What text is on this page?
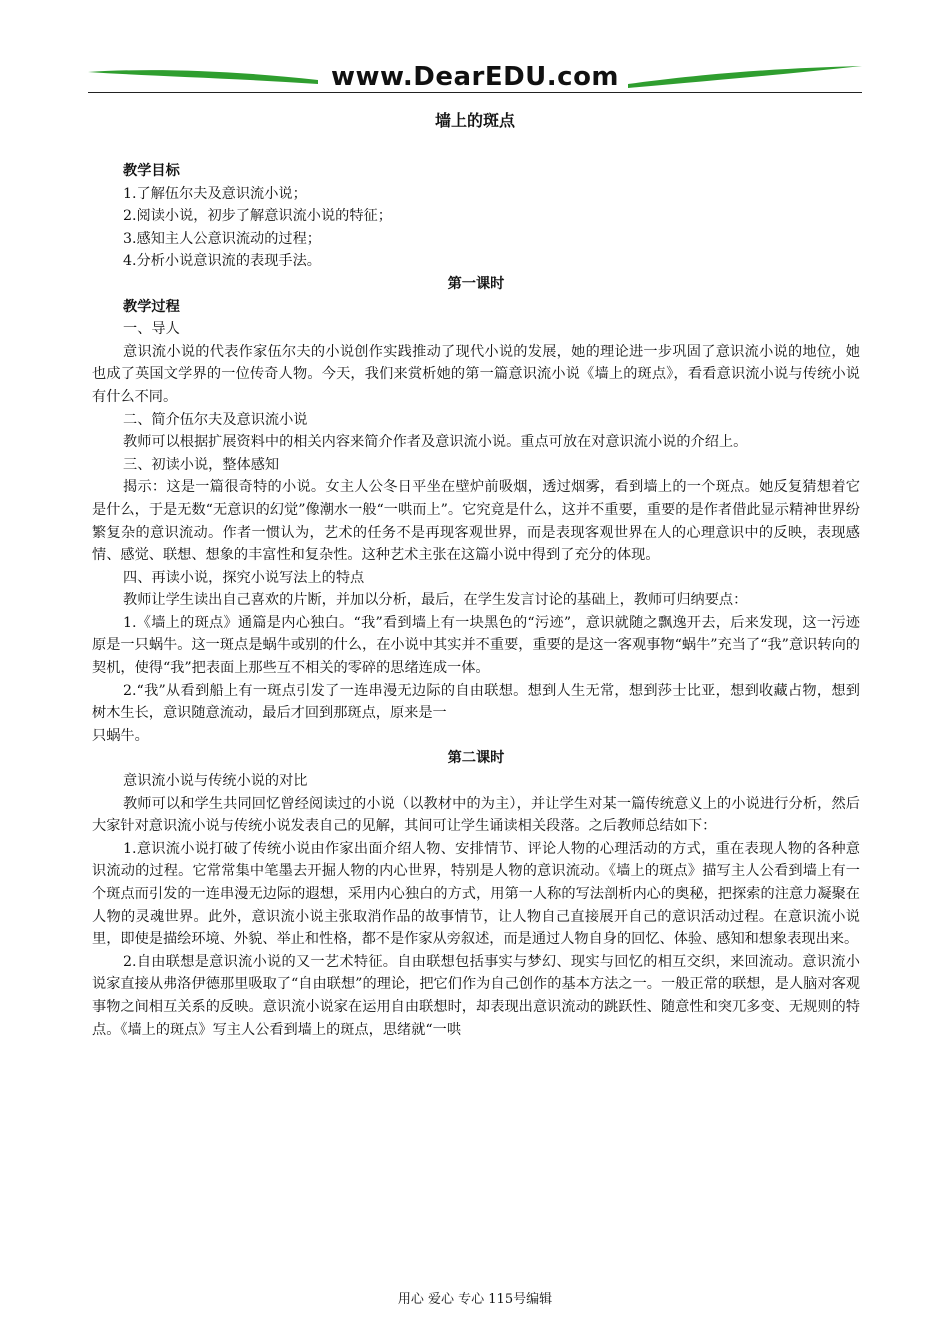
www.DearEDU.com
墙上的斑点

教学目标

1.了解伍尔夫及意识流小说；

2.阅读小说，初步了解意识流小说的特征；

3.感知主人公意识流动的过程；

4.分析小说意识流的表现手法。

第一课时

教学过程

一、导人

意识流小说的代表作家伍尔夫的小说创作实践推动了现代小说的发展，她的理论进一步巩固了意识流小说的地位，她也成了英国文学界的一位传奇人物。今天，我们来赏析她的第一篇意识流小说《墙上的斑点》，看看意识流小说与传统小说有什么不同。

二、简介伍尔夫及意识流小说

教师可以根据扩展资料中的相关内容来简介作者及意识流小说。重点可放在对意识流小说的介绍上。

三、初读小说，整体感知

揭示：这是一篇很奇特的小说。女主人公冬日平坐在壁炉前吸烟，透过烟雾，看到墙上的一个斑点。她反复猜想着它是什么，于是无数“无意识的幻觉”像潮水一般“一哄而上”。它究竟是什么，这并不重要，重要的是作者借此显示精神世界纷繁复杂的意识流动。作者一惯认为，艺术的任务不是再现客观世界，而是表现客观世界在人的心理意识中的反映，表现感情、感觉、联想、想象的丰富性和复杂性。这种艺术主张在这篇小说中得到了充分的体现。

四、再读小说，探究小说写法上的特点

教师让学生读出自己喜欢的片断，并加以分析，最后，在学生发言讨论的基础上，教师可归纳要点：

1.《墙上的斑点》通篇是内心独白。“我”看到墙上有一块黑色的“污迹”，意识就随之飘逸开去，后来发现，这一污迹原是一只蜗牛。这一斑点是蜗牛或别的什么，在小说中其实并不重要，重要的是这一客观事物“蜗牛”充当了“我”意识转向的契机，使得“我”把表面上那些互不相关的零碎的思绪连成一体。

2.“我”从看到船上有一斑点引发了一连串漫无边际的自由联想。想到人生无常，想到莎士比亚，想到收藏占物，想到树木生长，意识随意流动，最后才回到那斑点，原来是一

只蜗牛。

第二课时

意识流小说与传统小说的对比

教师可以和学生共同回忆曾经阅读过的小说（以教材中的为主），并让学生对某一篇传统意义上的小说进行分析，然后大家针对意识流小说与传统小说发表自己的见解，其间可让学生诵读相关段落。之后教师总结如下：

1.意识流小说打破了传统小说由作家出面介绍人物、安排情节、评论人物的心理活动的方式，重在表现人物的各种意识流动的过程。它常常集中笔墨去开掘人物的内心世界，特别是人物的意识流动。《墙上的斑点》描写主人公看到墙上有一个斑点而引发的一连串漫无边际的遐想，采用内心独白的方式，用第一人称的写法剖析内心的奥秘，把探索的注意力凝聚在人物的灵魂世界。此外，意识流小说主张取消作品的故事情节，让人物自己直接展开自己的意识活动过程。在意识流小说里，即使是描绘环境、外貌、举止和性格，都不是作家从旁叙述，而是通过人物自身的回忆、体验、感知和想象表现出来。

2.自由联想是意识流小说的又一艺术特征。自由联想包括事实与梦幻、现实与回忆的相互交织，来回流动。意识流小说家直接从弗洛伊德那里吸取了“自由联想”的理论，把它们作为自己创作的基本方法之一。一般正常的联想，是人脑对客观事物之间相互关系的反映。意识流小说家在运用自由联想时，却表现出意识流动的跳跃性、随意性和突兀多变、无规则的特点。《墙上的斑点》写主人公看到墙上的斑点，思绪就“一哄

用心 爱心 专心 115号编辑
